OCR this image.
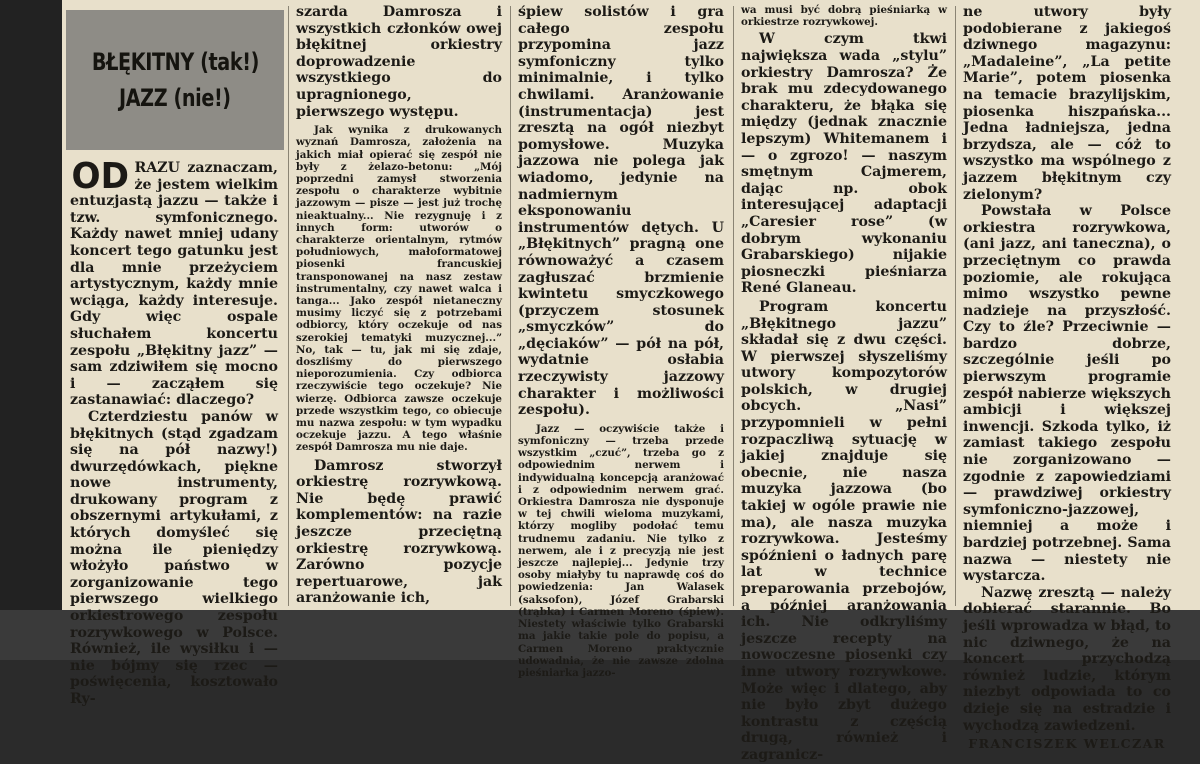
BŁĘKITNY (tak!)
JAZZ (nie!)
OD RAZU zaznaczam, że jestem wielkim entuzjastą jazzu — także i tzw. symfonicznego. Każdy nawet mniej udany koncert tego gatunku jest dla mnie przeżyciem artystycznym, każdy mnie wciąga, każdy interesuje. Gdy więc ospale słuchałem koncertu zespołu „Błękitny jazz” — sam zdziwiłem się mocno i — zacząłem się zastanawiać: dlaczego?

Czterdziestu panów w błękitnych (stąd zgadzam się na pół nazwy!) dwurzędówkach, piękne nowe instrumenty, drukowany program z obszernymi artykułami, z których domyśleć się można ile pieniędzy włożyło państwo w zorganizowanie tego pierwszego wielkiego orkiestrowego zespołu rozrywkowego w Polsce. Również, ile wysiłku i — nie bójmy się rzec — poświęcenia, kosztowało Ry-

szarda Damrosza i wszystkich członków owej błękitnej orkiestry doprowadzenie wszystkiego do upragnionego, pierwszego występu.

Jak wynika z drukowanych wyznań Damrosza, założenia na jakich miał opierać się zespół nie były z żelazo-betonu: „Mój poprzedni zamysł stworzenia zespołu o charakterze wybitnie jazzowym — pisze — jest już trochę nieaktualny... Nie rezygnuję i z innych form: utworów o charakterze orientalnym, rytmów południowych, małoformatowej piosenki francuskiej transponowanej na nasz zestaw instrumentalny, czy nawet walca i tanga... Jako zespół nietaneczny musimy liczyć się z potrzebami odbiorcy, który oczekuje od nas szerokiej tematyki muzycznej...” No, tak — tu, jak mi się zdaje, doszliśmy do pierwszego nieporozumienia. Czy odbiorca rzeczywiście tego oczekuje? Nie wierzę. Odbiorca zawsze oczekuje przede wszystkim tego, co obiecuje mu nazwa zespołu: w tym wypadku oczekuje jazzu. A tego właśnie zespół Damrosza mu nie daje.

Damrosz stworzył orkiestrę rozrywkową. Nie będę prawić komplementów: na razie jeszcze przeciętną orkiestrę rozrywkową. Zarówno pozycje repertuarowe, jak aranżowanie ich,

śpiew solistów i gra całego zespołu przypomina jazz symfoniczny tylko minimalnie, i tylko chwilami. Aranżowanie (instrumentacja) jest zresztą na ogół niezbyt pomysłowe. Muzyka jazzowa nie polega jak wiadomo, jedynie na nadmiernym eksponowaniu instrumentów dętych. U „Błękitnych” pragną one równoważyć a czasem zagłuszać brzmienie kwintetu smyczkowego (przyczem stosunek „smyczków” do „dęciaków” — pół na pół, wydatnie osłabia rzeczywisty jazzowy charakter i możliwości zespołu).

Jazz — oczywiście także i symfoniczny — trzeba przede wszystkim „czuć”, trzeba go z odpowiednim nerwem i indywidualną koncepcją aranżować i z odpowiednim nerwem grać. Orkiestra Damrosza nie dysponuje w tej chwili wieloma muzykami, którzy mogliby podołać temu trudnemu zadaniu. Nie tylko z nerwem, ale i z precyzją nie jest jeszcze najlepiej... Jedynie trzy osoby miałyby tu naprawdę coś do powiedzenia: Jan Walasek (saksofon), Józef Grabarski (trąbka) i Carmen Moreno (śpiew). Niestety właściwie tylko Grabarski ma jakie takie pole do popisu, a Carmen Moreno praktycznie udowadnia, że nie zawsze zdolna pieśniarka jazzo-

wa musi być dobrą pieśniarką w orkiestrze rozrywkowej.

W czym tkwi największa wada „stylu” orkiestry Damrosza? Że brak mu zdecydowanego charakteru, że błąka się między (jednak znacznie lepszym) Whitemanem i — o zgrozo! — naszym smętnym Cajmerem, dając np. obok interesującej adaptacji „Caresier rose” (w dobrym wykonaniu Grabarskiego) nijakie piosneczki pieśniarza René Glaneau.

Program koncertu „Błękitnego jazzu” składał się z dwu części. W pierwszej słyszeliśmy utwory kompozytorów polskich, w drugiej obcych. „Nasi” przypomnieli w pełni rozpaczliwą sytuację w jakiej znajduje się obecnie, nie nasza muzyka jazzowa (bo takiej w ogóle prawie nie ma), ale nasza muzyka rozrywkowa. Jesteśmy spóźnieni o ładnych parę lat w technice preparowania przebojów, a później aranżowania ich. Nie odkryliśmy jeszcze recepty na nowoczesne piosenki czy inne utwory rozrywkowe. Może więc i dlatego, aby nie było zbyt dużego kontrastu z częścią drugą, również i zagranicz-

ne utwory były podobierane z jakiegoś dziwnego magazynu: „Madaleine”, „La petite Marie”, potem piosenka na temacie brazylijskim, piosenka hiszpańska... Jedna ładniejsza, jedna brzydsza, ale — cóż to wszystko ma wspólnego z jazzem błękitnym czy zielonym?

Powstała w Polsce orkiestra rozrywkowa, (ani jazz, ani taneczna), o przeciętnym co prawda poziomie, ale rokująca mimo wszystko pewne nadzieje na przyszłość. Czy to źle? Przeciwnie — bardzo dobrze, szczególnie jeśli po pierwszym programie zespół nabierze większych ambicji i większej inwencji. Szkoda tylko, iż zamiast takiego zespołu nie zorganizowano — zgodnie z zapowiedziami — prawdziwej orkiestry symfoniczno-jazzowej, niemniej a może i bardziej potrzebnej. Sama nazwa — niestety nie wystarcza.

Nazwę zresztą — należy dobierać starannie. Bo jeśli wprowadza w błąd, to nic dziwnego, że na koncert przychodzą również ludzie, którym niezbyt odpowiada to co dzieje się na estradzie i wychodzą zawiedzeni.

FRANCISZEK WELCZAR
